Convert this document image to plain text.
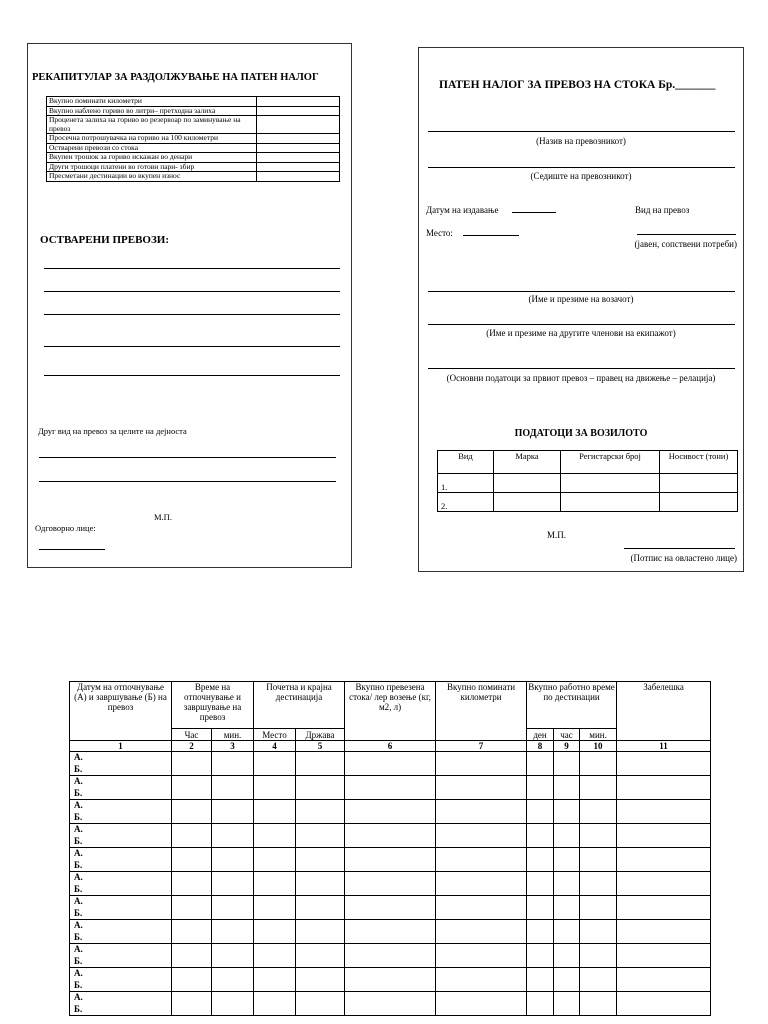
РЕКАПИТУЛАР ЗА РАЗДОЛЖУВАЊЕ НА ПАТЕН НАЛОГ
Вкупно поминати километри	
Вкупно наблено гориво во литри– претходна залиха	
Проценета залиха на гориво во резервоар по заминување на превоз	
Просечна потрошувачка на гориво на 100 километри	
Остварени превози со стока	
Вкупен трошок за гориво искажан во денари	
Други трошоци платени во готови пари- збир	
Пресметани дестинации во вкупен износ	
ОСТВАРЕНИ ПРЕВОЗИ:
Друг вид на превоз за целите на дејноста
М.П.
Одговорно лице:
ПАТЕН НАЛОГ ЗА ПРЕВОЗ НА СТОКА Бр._______
(Назив на превозникот)
(Седиште на превозникот)
Датум на издавање	Вид на превоз
Место:
(јавен, сопствени потреби)
(Име и презиме на возачот)
(Име и презиме на другите членови на екипажот)
(Основни податоци за првиот превоз – правец на движење – релација)
ПОДАТОЦИ ЗА ВОЗИЛОТО
Вид	Марка	Регистарски број	Носивост (тони)
1.			
2.			
М.П.
(Потпис на овластено лице)
Датум на отпочнување (А) и завршување (Б) на превоз	Време на отпочнување и завршување на превоз		Почетна и крајна дестинација		Вкупно превезена стока/ лер возење (кг, м2, л)	Вкупно поминати километри	Вкупно работно време по дестинации			Забелешка
	Час	мин.	Место	Држава			ден	час	мин.	
1	2	3	4	5	6	7	8	9	10	11

А.
Б.										

А.
Б.										

А.
Б.										

А.
Б.										

А.
Б.										

А.
Б.										

А.
Б.										

А.
Б.										

А.
Б.										

А.
Б.										

А.
Б.										
